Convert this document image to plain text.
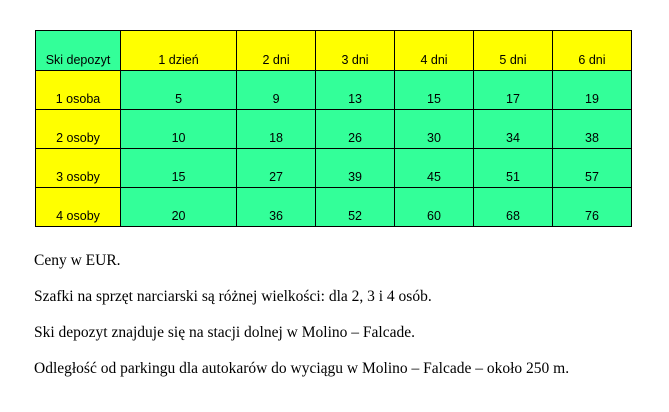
Ski depozyt	1 dzień	2 dni	3 dni	4 dni	5 dni	6 dni
1 osoba	5	9	13	15	17	19
2 osoby	10	18	26	30	34	38
3 osoby	15	27	39	45	51	57
4 osoby	20	36	52	60	68	76

Ceny w EUR.

Szafki na sprzęt narciarski są różnej wielkości: dla 2, 3 i 4 osób.

Ski depozyt znajduje się na stacji dolnej w Molino – Falcade.

Odległość od parkingu dla autokarów do wyciągu w Molino – Falcade – około 250 m.
